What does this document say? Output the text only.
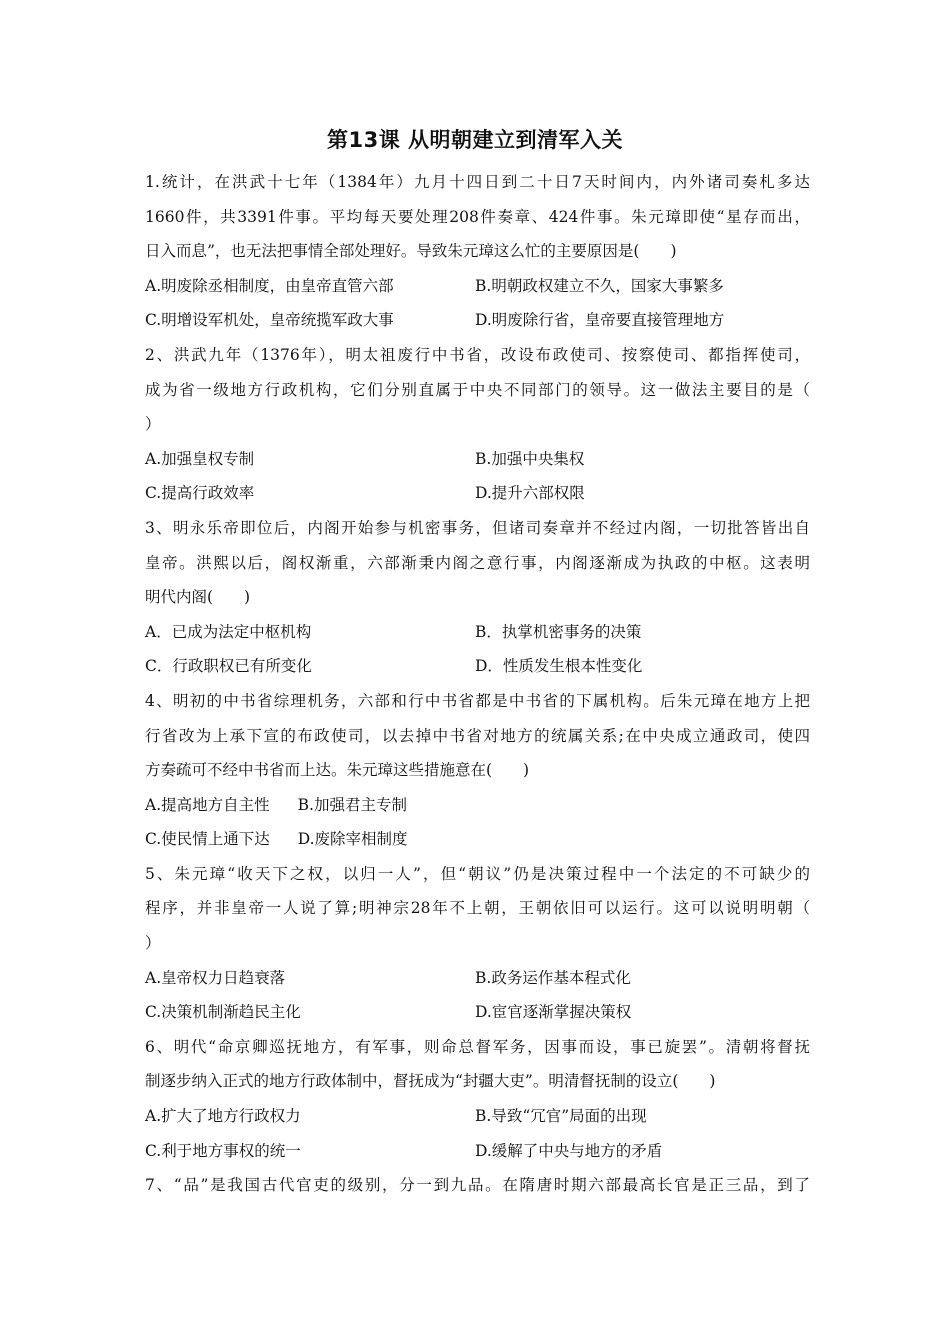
第13课 从明朝建立到清军入关
1.统计，在洪武十七年（1384年）九月十四日到二十日7天时间内，内外诸司奏札多达
1660件，共3391件事。平均每天要处理208件奏章、424件事。朱元璋即使“星存而出，
日入而息”，也无法把事情全部处理好。导致朱元璋这么忙的主要原因是(　　)
A.明废除丞相制度，由皇帝直管六部	B.明朝政权建立不久，国家大事繁多
C.明增设军机处，皇帝统揽军政大事	D.明废除行省，皇帝要直接管理地方
2、洪武九年（1376年），明太祖废行中书省，改设布政使司、按察使司、都指挥使司，
成为省一级地方行政机构，它们分别直属于中央不同部门的领导。这一做法主要目的是（
）
A.加强皇权专制	B.加强中央集权
C.提高行政效率	D.提升六部权限
3、明永乐帝即位后，内阁开始参与机密事务，但诸司奏章并不经过内阁，一切批答皆出自
皇帝。洪熙以后，阁权渐重，六部渐秉内阁之意行事，内阁逐渐成为执政的中枢。这表明
明代内阁(　　)
A．已成为法定中枢机构	B．执掌机密事务的决策
C．行政职权已有所变化	D．性质发生根本性变化
4、明初的中书省综理机务，六部和行中书省都是中书省的下属机构。后朱元璋在地方上把
行省改为上承下宣的布政使司，以去掉中书省对地方的统属关系;在中央成立通政司，使四
方奏疏可不经中书省而上达。朱元璋这些措施意在(　　)
A.提高地方自主性 B.加强君主专制
C.使民情上通下达 D.废除宰相制度
5、朱元璋“收天下之权，以归一人”，但“朝议”仍是决策过程中一个法定的不可缺少的
程序，并非皇帝一人说了算;明神宗28年不上朝，王朝依旧可以运行。这可以说明明朝（
）
A.皇帝权力日趋衰落	B.政务运作基本程式化
C.决策机制渐趋民主化	D.宦官逐渐掌握决策权
6、明代“命京卿巡抚地方，有军事，则命总督军务，因事而设，事已旋罢”。清朝将督抚
制逐步纳入正式的地方行政体制中，督抚成为“封疆大吏”。明清督抚制的设立(　　)
A.扩大了地方行政权力	B.导致“冗官”局面的出现
C.利于地方事权的统一	D.缓解了中央与地方的矛盾
7、“品”是我国古代官吏的级别，分一到九品。在隋唐时期六部最高长官是正三品，到了
